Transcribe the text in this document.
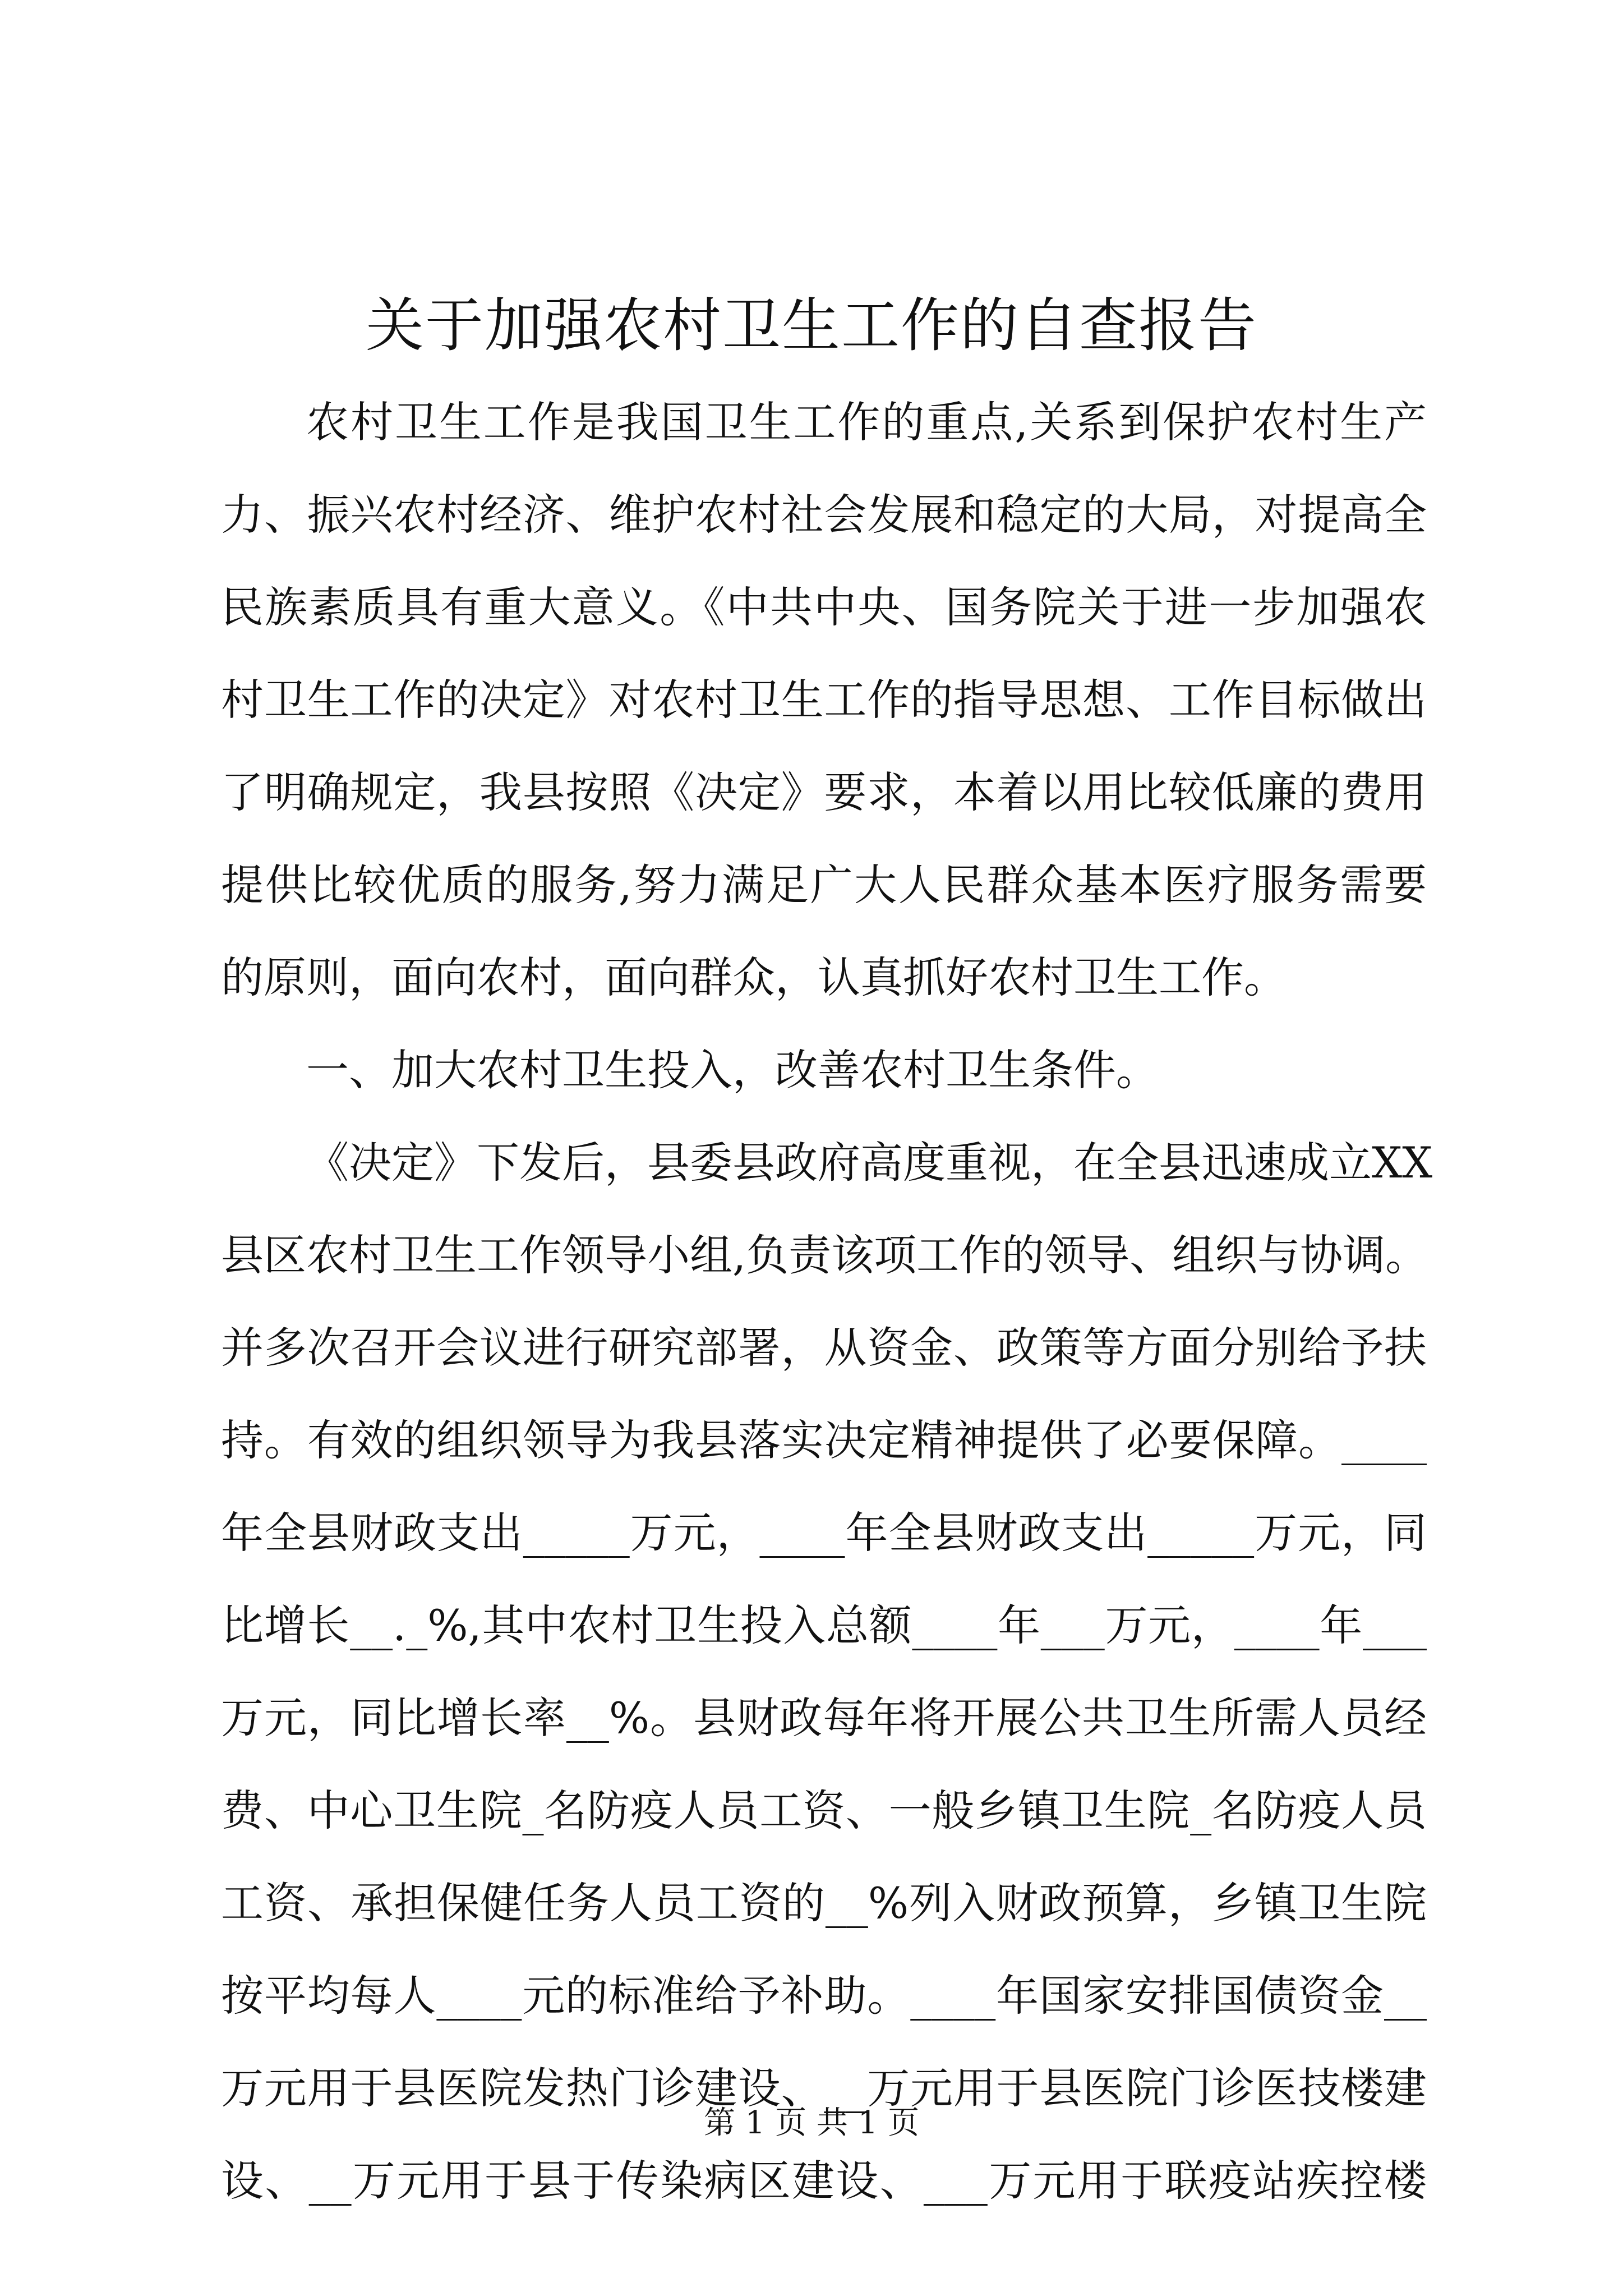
关于加强农村卫生工作的自查报告
农村卫生工作是我国卫生工作的重点,关系到保护农村生产
力、振兴农村经济、维护农村社会发展和稳定的大局，对提高全
民族素质具有重大意义。《中共中央、国务院关于进一步加强农
村卫生工作的决定》对农村卫生工作的指导思想、工作目标做出
了明确规定，我县按照《决定》要求，本着以用比较低廉的费用
提供比较优质的服务,努力满足广大人民群众基本医疗服务需要
的原则，面向农村，面向群众，认真抓好农村卫生工作。
一、加大农村卫生投入，改善农村卫生条件。
《决定》下发后，县委县政府高度重视，在全县迅速成立XX
县区农村卫生工作领导小组,负责该项工作的领导、组织与协调。
并多次召开会议进行研究部署，从资金、政策等方面分别给予扶
持。有效的组织领导为我县落实决定精神提供了必要保障。____
年全县财政支出_____万元，____年全县财政支出_____万元，同
比增长__._%,其中农村卫生投入总额____年___万元，____年___
万元，同比增长率__%。县财政每年将开展公共卫生所需人员经
费、中心卫生院_名防疫人员工资、一般乡镇卫生院_名防疫人员
工资、承担保健任务人员工资的__%列入财政预算，乡镇卫生院
按平均每人____元的标准给予补助。____年国家安排国债资金__
万元用于县医院发热门诊建设、__万元用于县医院门诊医技楼建
设、__万元用于县于传染病区建设、___万元用于联疫站疾控楼
第 1 页 共 1 页
